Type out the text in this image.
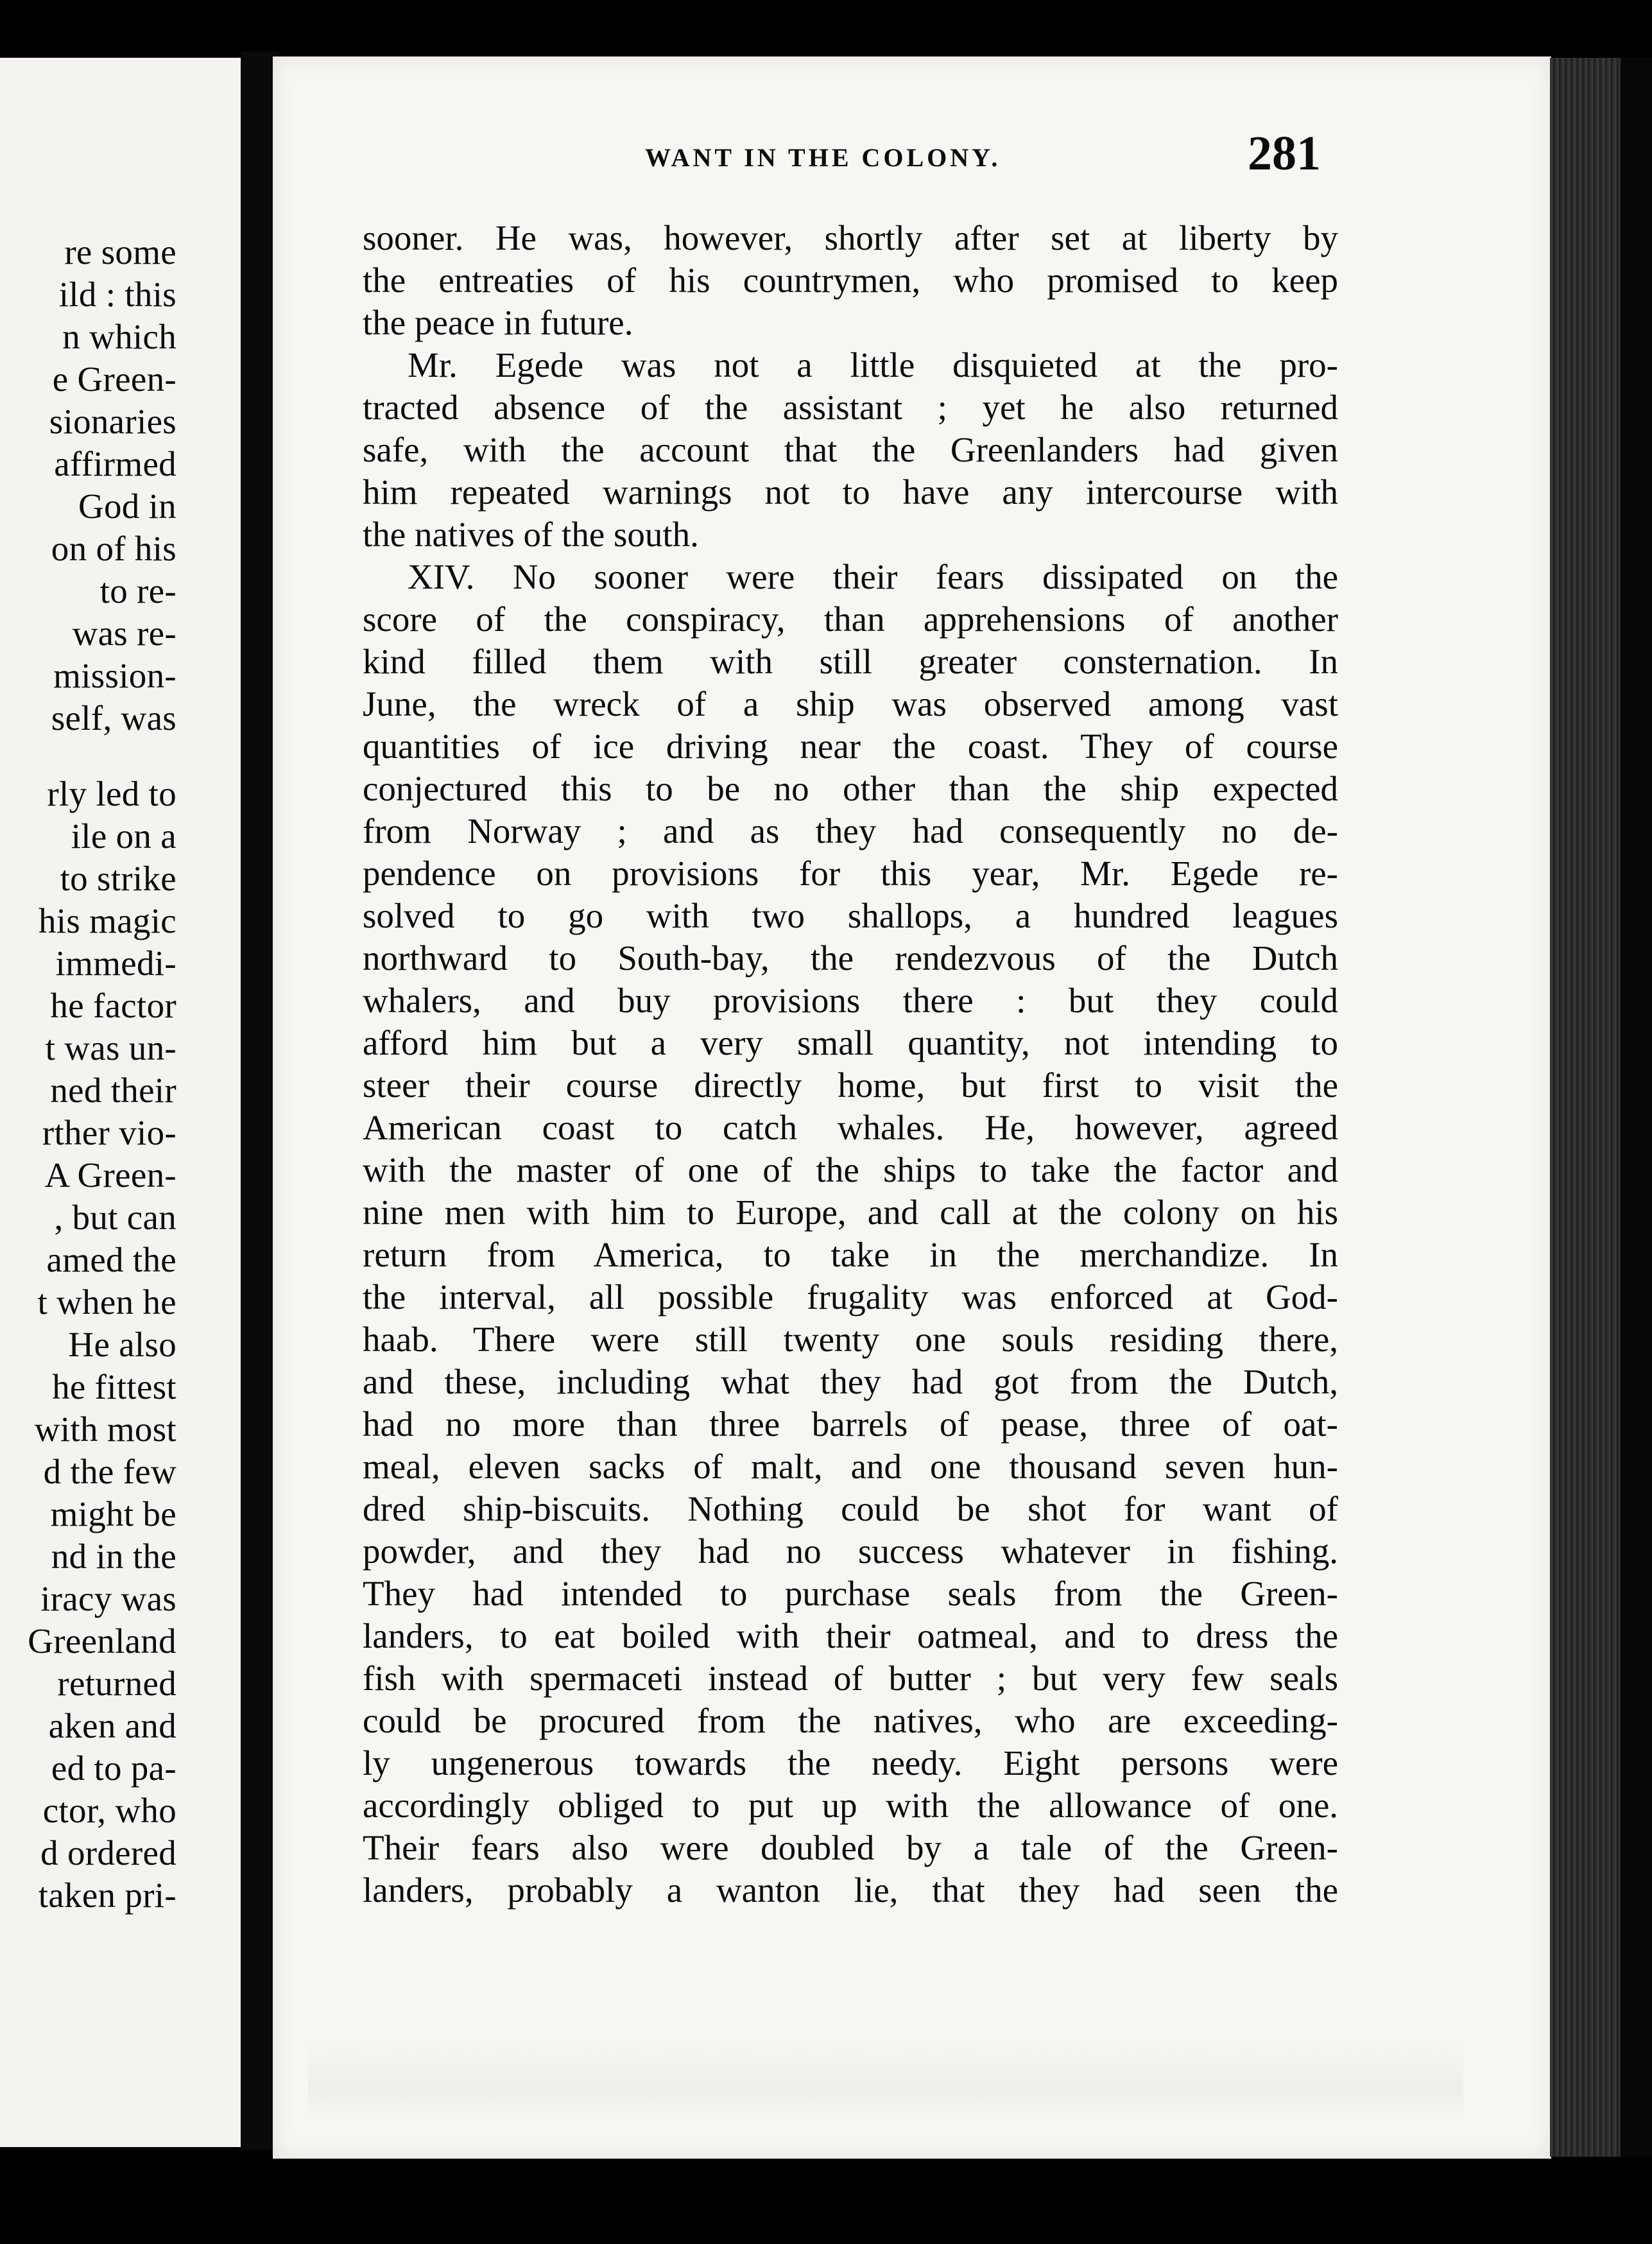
re some
ild : this
n which
e Green-
sionaries
affirmed
God in
on of his
to re-
was re-
mission-
self, was
rly led to
ile on a
to strike
his magic
immedi-
he factor
t was un-
ned their
rther vio-
A Green-
, but can
amed the
t when he
He also
he fittest
with most
d the few
might be
nd in the
iracy was
Greenland
returned
aken and
ed to pa-
ctor, who
d ordered
taken pri-
WANT IN THE COLONY.	281
sooner. He was, however, shortly after set at liberty by
the entreaties of his countrymen, who promised to keep
the peace in future.
Mr. Egede was not a little disquieted at the pro-
tracted absence of the assistant ; yet he also returned
safe, with the account that the Greenlanders had given
him repeated warnings not to have any intercourse with
the natives of the south.
XIV. No sooner were their fears dissipated on the
score of the conspiracy, than apprehensions of another
kind filled them with still greater consternation. In
June, the wreck of a ship was observed among vast
quantities of ice driving near the coast. They of course
conjectured this to be no other than the ship expected
from Norway ; and as they had consequently no de-
pendence on provisions for this year, Mr. Egede re-
solved to go with two shallops, a hundred leagues
northward to South-bay, the rendezvous of the Dutch
whalers, and buy provisions there : but they could
afford him but a very small quantity, not intending to
steer their course directly home, but first to visit the
American coast to catch whales. He, however, agreed
with the master of one of the ships to take the factor and
nine men with him to Europe, and call at the colony on his
return from America, to take in the merchandize. In
the interval, all possible frugality was enforced at God-
haab. There were still twenty one souls residing there,
and these, including what they had got from the Dutch,
had no more than three barrels of pease, three of oat-
meal, eleven sacks of malt, and one thousand seven hun-
dred ship-biscuits. Nothing could be shot for want of
powder, and they had no success whatever in fishing.
They had intended to purchase seals from the Green-
landers, to eat boiled with their oatmeal, and to dress the
fish with spermaceti instead of butter ; but very few seals
could be procured from the natives, who are exceeding-
ly ungenerous towards the needy. Eight persons were
accordingly obliged to put up with the allowance of one.
Their fears also were doubled by a tale of the Green-
landers, probably a wanton lie, that they had seen the
